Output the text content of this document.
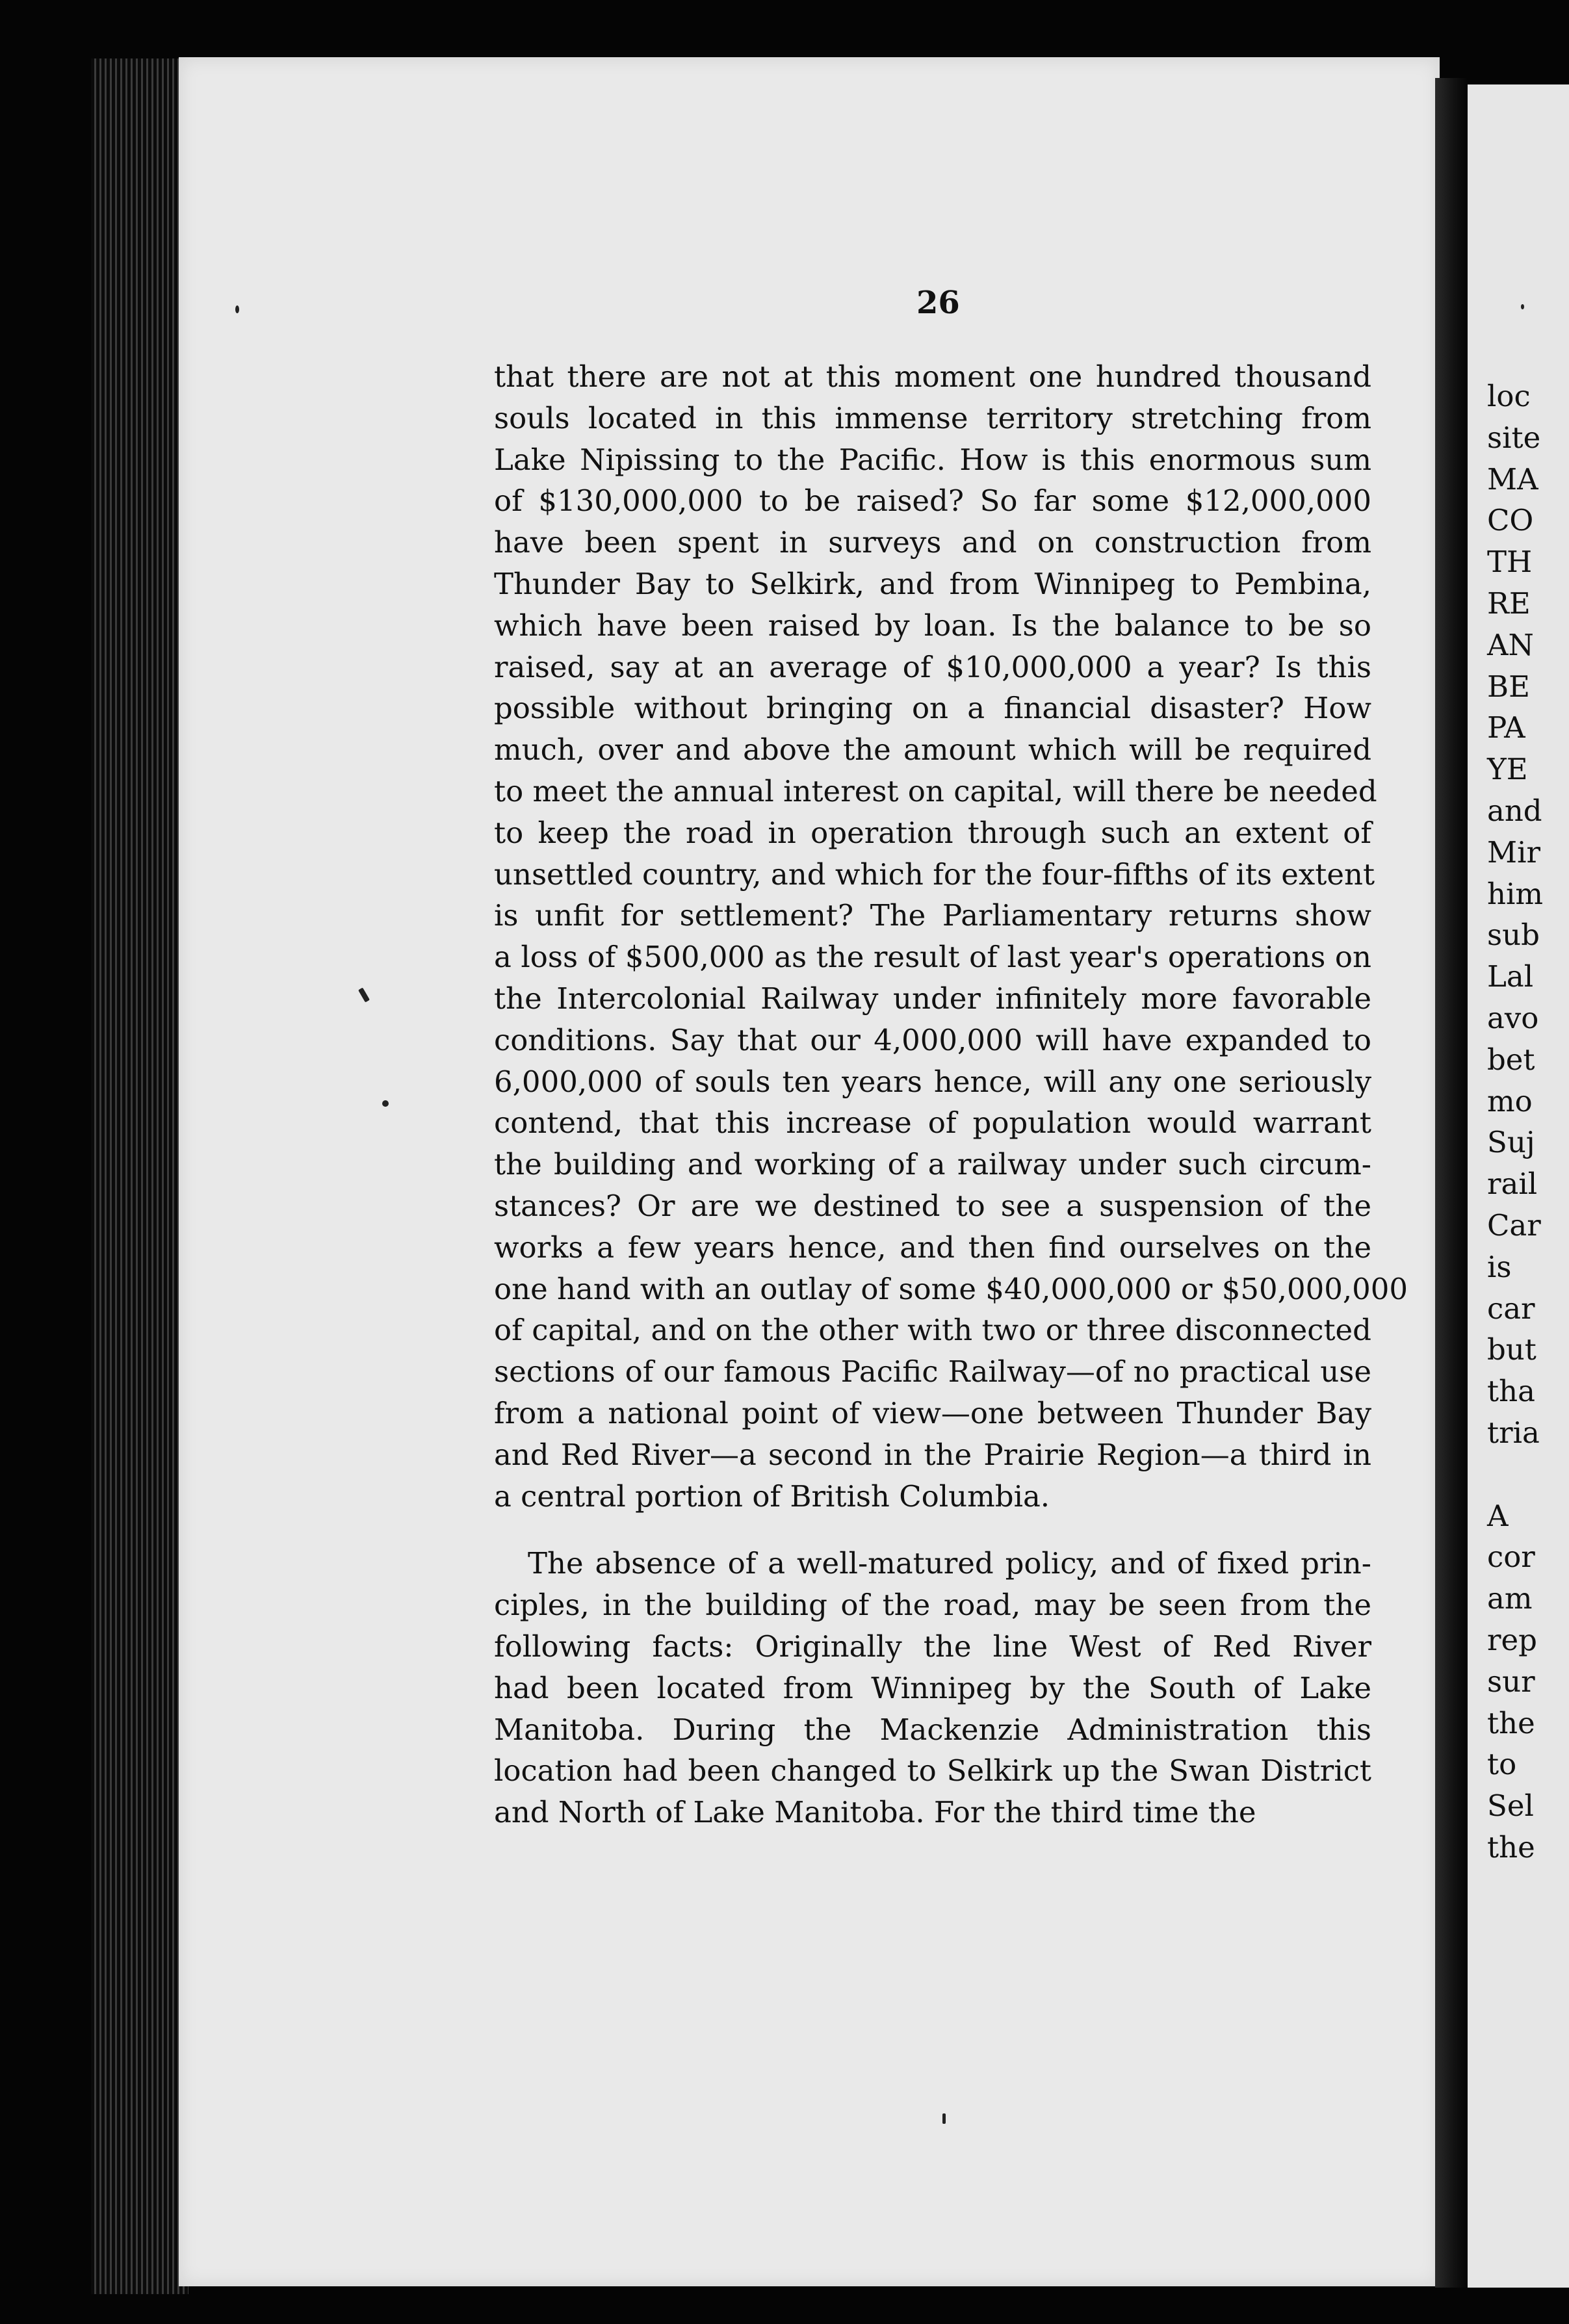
loc
site
MA
CO
TH
RE
AN
BE
PA
YE
and
Mir
him
sub
Lal
avo
bet
mo
Suj
rail
Car
is
car
but
tha
tria
A
cor
am
rep
sur
the
to
Sel
the
26
that there are not at this moment one hundred thousand
souls located in this immense territory stretching from
Lake Nipissing to the Pacific. How is this enormous sum
of $130,000,000 to be raised? So far some $12,000,000
have been spent in surveys and on construction from
Thunder Bay to Selkirk, and from Winnipeg to Pembina,
which have been raised by loan. Is the balance to be so
raised, say at an average of $10,000,000 a year? Is this
possible without bringing on a financial disaster? How
much, over and above the amount which will be required
to meet the annual interest on capital, will there be needed
to keep the road in operation through such an extent of
unsettled country, and which for the four-fifths of its extent
is unfit for settlement? The Parliamentary returns show
a loss of $500,000 as the result of last year's operations on
the Intercolonial Railway under infinitely more favorable
conditions. Say that our 4,000,000 will have expanded to
6,000,000 of souls ten years hence, will any one seriously
contend, that this increase of population would warrant
the building and working of a railway under such circum-
stances? Or are we destined to see a suspension of the
works a few years hence, and then find ourselves on the
one hand with an outlay of some $40,000,000 or $50,000,000
of capital, and on the other with two or three disconnected
sections of our famous Pacific Railway—of no practical use
from a national point of view—one between Thunder Bay
and Red River—a second in the Prairie Region—a third in
a central portion of British Columbia.
The absence of a well-matured policy, and of fixed prin-
ciples, in the building of the road, may be seen from the
following facts: Originally the line West of Red River
had been located from Winnipeg by the South of Lake
Manitoba. During the Mackenzie Administration this
location had been changed to Selkirk up the Swan District
and North of Lake Manitoba. For the third time the
